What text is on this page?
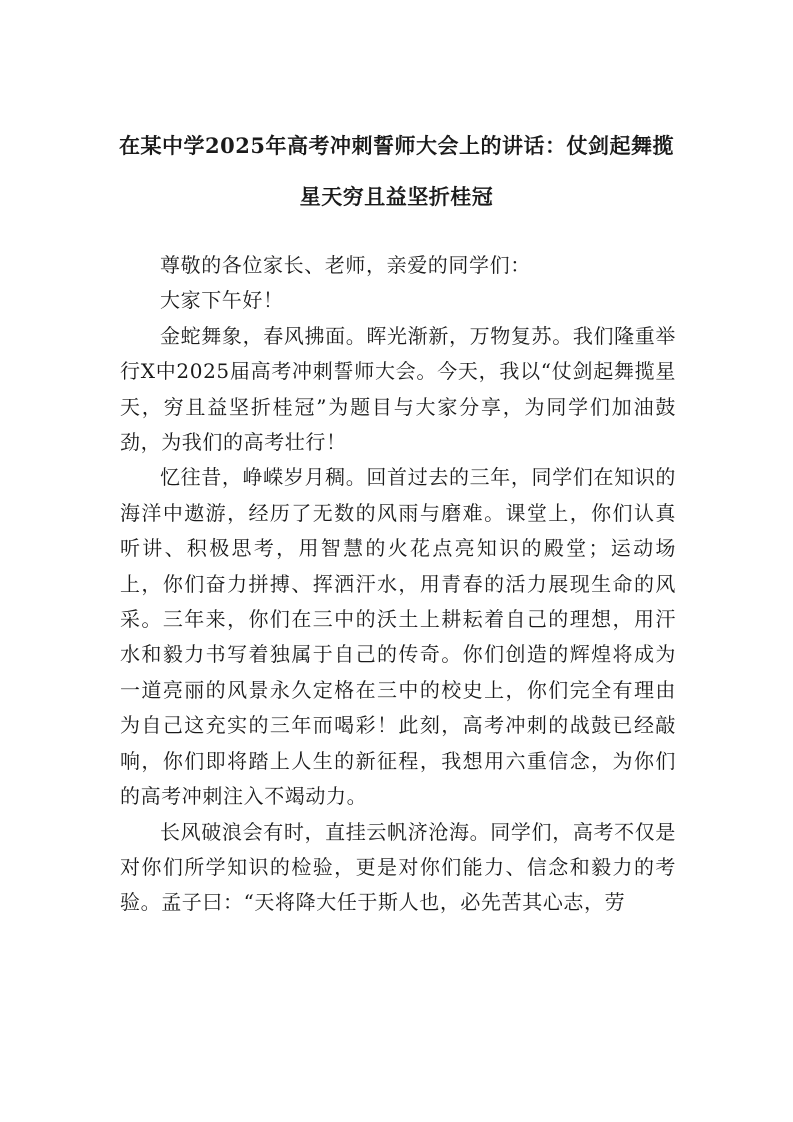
在某中学2025年高考冲刺誓师大会上的讲话：仗剑起舞揽
星天穷且益坚折桂冠

尊敬的各位家长、老师，亲爱的同学们：

大家下午好！

金蛇舞象，春风拂面。晖光渐新，万物复苏。我们隆重举行X中2025届高考冲刺誓师大会。今天，我以“仗剑起舞揽星天，穷且益坚折桂冠”为题目与大家分享，为同学们加油鼓劲，为我们的高考壮行！

忆往昔，峥嵘岁月稠。回首过去的三年，同学们在知识的海洋中遨游，经历了无数的风雨与磨难。课堂上，你们认真听讲、积极思考，用智慧的火花点亮知识的殿堂；运动场上，你们奋力拼搏、挥洒汗水，用青春的活力展现生命的风采。三年来，你们在三中的沃土上耕耘着自己的理想，用汗水和毅力书写着独属于自己的传奇。你们创造的辉煌将成为一道亮丽的风景永久定格在三中的校史上，你们完全有理由为自己这充实的三年而喝彩！此刻，高考冲刺的战鼓已经敲响，你们即将踏上人生的新征程，我想用六重信念，为你们的高考冲刺注入不竭动力。

长风破浪会有时，直挂云帆济沧海。同学们，高考不仅是对你们所学知识的检验，更是对你们能力、信念和毅力的考验。孟子曰：“天将降大任于斯人也，必先苦其心志，劳
